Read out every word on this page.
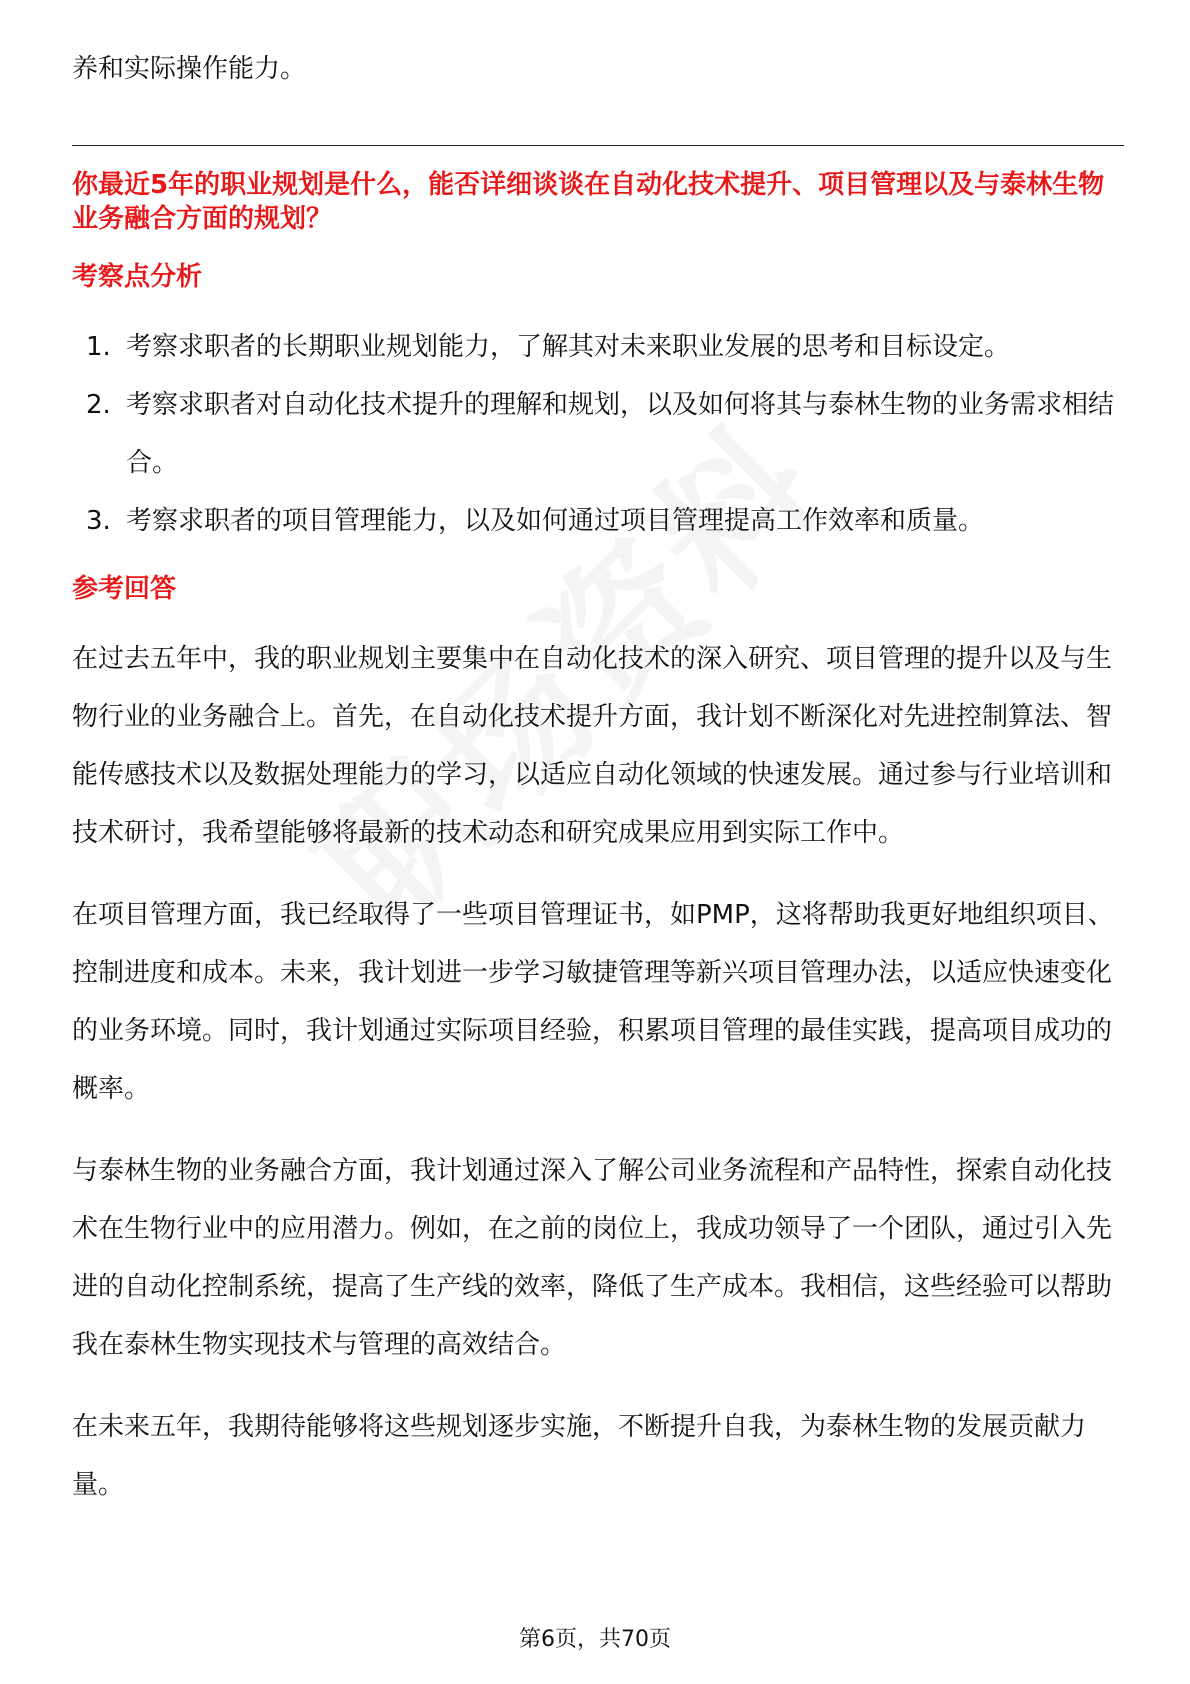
养和实际操作能力。

你最近5年的职业规划是什么，能否详细谈谈在自动化技术提升、项目管理以及与泰林生物业务融合方面的规划？
考察点分析
1. 考察求职者的长期职业规划能力，了解其对未来职业发展的思考和目标设定。
2. 考察求职者对自动化技术提升的理解和规划，以及如何将其与泰林生物的业务需求相结合。
3. 考察求职者的项目管理能力，以及如何通过项目管理提高工作效率和质量。
参考回答

在过去五年中，我的职业规划主要集中在自动化技术的深入研究、项目管理的提升以及与生物行业的业务融合上。首先，在自动化技术提升方面，我计划不断深化对先进控制算法、智能传感技术以及数据处理能力的学习，以适应自动化领域的快速发展。通过参与行业培训和技术研讨，我希望能够将最新的技术动态和研究成果应用到实际工作中。

在项目管理方面，我已经取得了一些项目管理证书，如PMP，这将帮助我更好地组织项目、控制进度和成本。未来，我计划进一步学习敏捷管理等新兴项目管理办法，以适应快速变化的业务环境。同时，我计划通过实际项目经验，积累项目管理的最佳实践，提高项目成功的概率。

与泰林生物的业务融合方面，我计划通过深入了解公司业务流程和产品特性，探索自动化技术在生物行业中的应用潜力。例如，在之前的岗位上，我成功领导了一个团队，通过引入先进的自动化控制系统，提高了生产线的效率，降低了生产成本。我相信，这些经验可以帮助我在泰林生物实现技术与管理的高效结合。

在未来五年，我期待能够将这些规划逐步实施，不断提升自我，为泰林生物的发展贡献力量。

第6页，共70页
